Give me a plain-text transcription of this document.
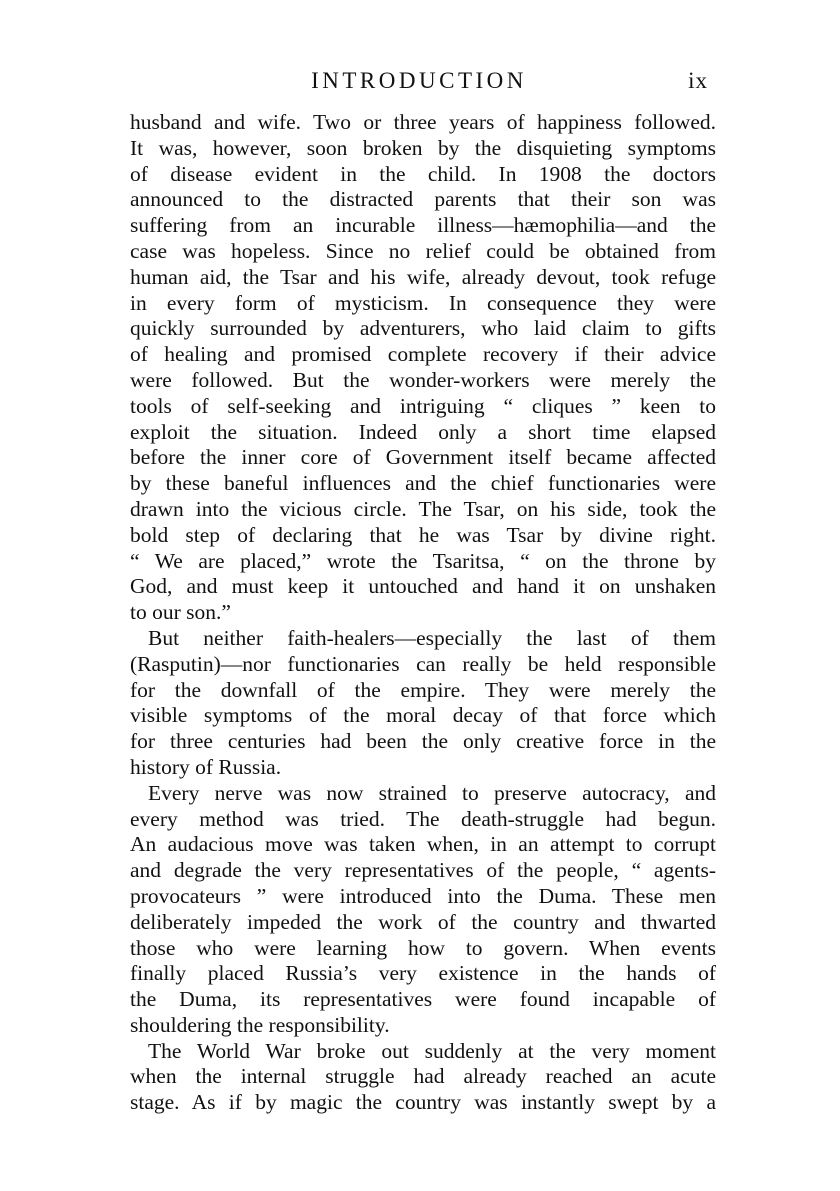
INTRODUCTION	ix
husband and wife. Two or three years of happiness followed.
It was, however, soon broken by the disquieting symptoms
of disease evident in the child. In 1908 the doctors
announced to the distracted parents that their son was
suffering from an incurable illness—hæmophilia—and the
case was hopeless. Since no relief could be obtained from
human aid, the Tsar and his wife, already devout, took refuge
in every form of mysticism. In consequence they were
quickly surrounded by adventurers, who laid claim to gifts
of healing and promised complete recovery if their advice
were followed. But the wonder-workers were merely the
tools of self-seeking and intriguing “ cliques ” keen to
exploit the situation. Indeed only a short time elapsed
before the inner core of Government itself became affected
by these baneful influences and the chief functionaries were
drawn into the vicious circle. The Tsar, on his side, took the
bold step of declaring that he was Tsar by divine right.
“ We are placed,” wrote the Tsaritsa, “ on the throne by
God, and must keep it untouched and hand it on unshaken
to our son.”
But neither faith-healers—especially the last of them
(Rasputin)—nor functionaries can really be held responsible
for the downfall of the empire. They were merely the
visible symptoms of the moral decay of that force which
for three centuries had been the only creative force in the
history of Russia.
Every nerve was now strained to preserve autocracy, and
every method was tried. The death-struggle had begun.
An audacious move was taken when, in an attempt to corrupt
and degrade the very representatives of the people, “ agents-
provocateurs ” were introduced into the Duma. These men
deliberately impeded the work of the country and thwarted
those who were learning how to govern. When events
finally placed Russia’s very existence in the hands of
the Duma, its representatives were found incapable of
shouldering the responsibility.
The World War broke out suddenly at the very moment
when the internal struggle had already reached an acute
stage. As if by magic the country was instantly swept by a
